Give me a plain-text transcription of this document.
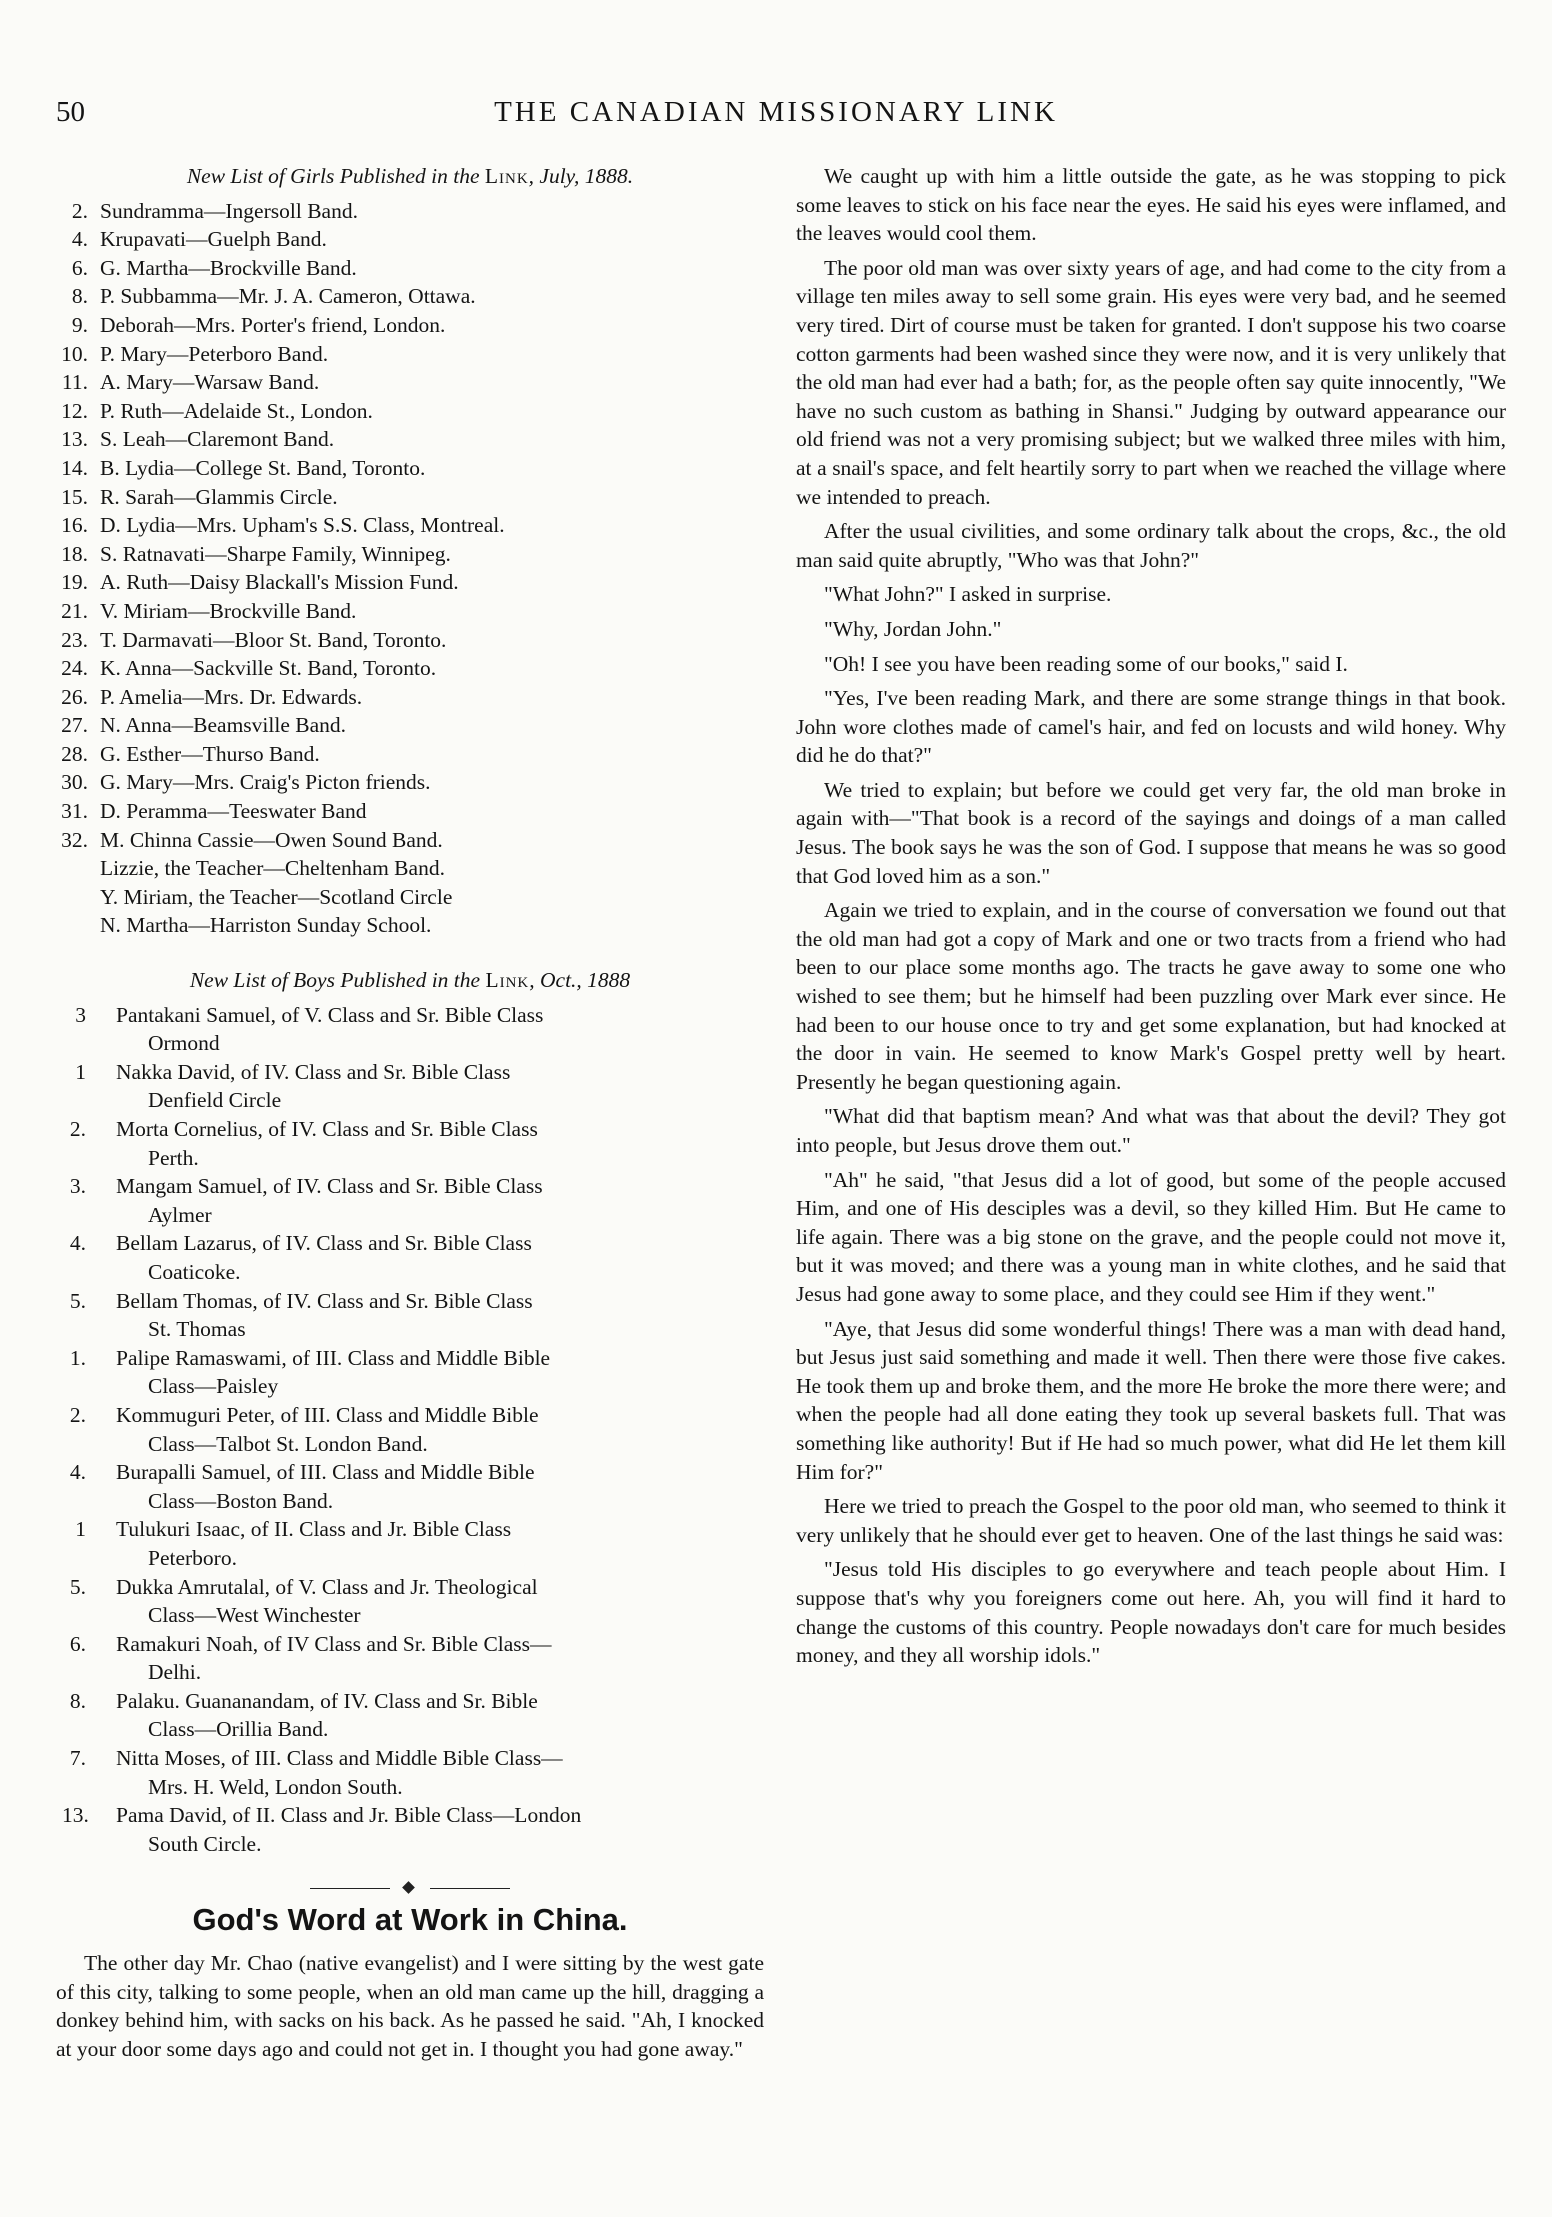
50	THE CANADIAN MISSIONARY LINK
New List of Girls Published in the Link, July, 1888.
2. Sundramma—Ingersoll Band.
4. Krupavati—Guelph Band.
6. G. Martha—Brockville Band.
8. P. Subbamma—Mr. J. A. Cameron, Ottawa.
9. Deborah—Mrs. Porter's friend, London.
10. P. Mary—Peterboro Band.
11. A. Mary—Warsaw Band.
12. P. Ruth—Adelaide St., London.
13. S. Leah—Claremont Band.
14. B. Lydia—College St. Band, Toronto.
15. R. Sarah—Glammis Circle.
16. D. Lydia—Mrs. Upham's S.S. Class, Montreal.
18. S. Ratnavati—Sharpe Family, Winnipeg.
19. A. Ruth—Daisy Blackall's Mission Fund.
21. V. Miriam—Brockville Band.
23. T. Darmavati—Bloor St. Band, Toronto.
24. K. Anna—Sackville St. Band, Toronto.
26. P. Amelia—Mrs. Dr. Edwards.
27. N. Anna—Beamsville Band.
28. G. Esther—Thurso Band.
30. G. Mary—Mrs. Craig's Picton friends.
31. D. Peramma—Teeswater Band
32. M. Chinna Cassie—Owen Sound Band.
Lizzie, the Teacher—Cheltenham Band.
Y. Miriam, the Teacher—Scotland Circle
N. Martha—Harriston Sunday School.
New List of Boys Published in the Link, Oct., 1888
3 Pantakani Samuel, of V. Class and Sr. Bible Class
Ormond
1 Nakka David, of IV. Class and Sr. Bible Class
Denfield Circle
2. Morta Cornelius, of IV. Class and Sr. Bible Class
Perth.
3. Mangam Samuel, of IV. Class and Sr. Bible Class
Aylmer
4. Bellam Lazarus, of IV. Class and Sr. Bible Class
Coaticoke.
5. Bellam Thomas, of IV. Class and Sr. Bible Class
St. Thomas
1. Palipe Ramaswami, of III. Class and Middle Bible
Class—Paisley
2. Kommuguri Peter, of III. Class and Middle Bible
Class—Talbot St. London Band.
4. Burapalli Samuel, of III. Class and Middle Bible
Class—Boston Band.
1 Tulukuri Isaac, of II. Class and Jr. Bible Class
Peterboro.
5. Dukka Amrutalal, of V. Class and Jr. Theological
Class—West Winchester
6. Ramakuri Noah, of IV Class and Sr. Bible Class—
Delhi.
8. Palaku. Guananandam, of IV. Class and Sr. Bible
Class—Orillia Band.
7. Nitta Moses, of III. Class and Middle Bible Class—
Mrs. H. Weld, London South.
13. Pama David, of II. Class and Jr. Bible Class—London
South Circle.
God's Word at Work in China.

The other day Mr. Chao (native evangelist) and I were sitting by the west gate of this city, talking to some people, when an old man came up the hill, dragging a donkey behind him, with sacks on his back. As he passed he said. "Ah, I knocked at your door some days ago and could not get in. I thought you had gone away."

We caught up with him a little outside the gate, as he was stopping to pick some leaves to stick on his face near the eyes. He said his eyes were inflamed, and the leaves would cool them.

The poor old man was over sixty years of age, and had come to the city from a village ten miles away to sell some grain. His eyes were very bad, and he seemed very tired. Dirt of course must be taken for granted. I don't suppose his two coarse cotton garments had been washed since they were now, and it is very unlikely that the old man had ever had a bath; for, as the people often say quite innocently, "We have no such custom as bathing in Shansi." Judging by outward appearance our old friend was not a very promising subject; but we walked three miles with him, at a snail's space, and felt heartily sorry to part when we reached the village where we intended to preach.

After the usual civilities, and some ordinary talk about the crops, &c., the old man said quite abruptly, "Who was that John?"

"What John?" I asked in surprise.

"Why, Jordan John."

"Oh! I see you have been reading some of our books," said I.

"Yes, I've been reading Mark, and there are some strange things in that book. John wore clothes made of camel's hair, and fed on locusts and wild honey. Why did he do that?"

We tried to explain; but before we could get very far, the old man broke in again with—"That book is a record of the sayings and doings of a man called Jesus. The book says he was the son of God. I suppose that means he was so good that God loved him as a son."

Again we tried to explain, and in the course of conversation we found out that the old man had got a copy of Mark and one or two tracts from a friend who had been to our place some months ago. The tracts he gave away to some one who wished to see them; but he himself had been puzzling over Mark ever since. He had been to our house once to try and get some explanation, but had knocked at the door in vain. He seemed to know Mark's Gospel pretty well by heart. Presently he began questioning again.

"What did that baptism mean? And what was that about the devil? They got into people, but Jesus drove them out."

"Ah" he said, "that Jesus did a lot of good, but some of the people accused Him, and one of His desciples was a devil, so they killed Him. But He came to life again. There was a big stone on the grave, and the people could not move it, but it was moved; and there was a young man in white clothes, and he said that Jesus had gone away to some place, and they could see Him if they went."

"Aye, that Jesus did some wonderful things! There was a man with dead hand, but Jesus just said something and made it well. Then there were those five cakes. He took them up and broke them, and the more He broke the more there were; and when the people had all done eating they took up several baskets full. That was something like authority! But if He had so much power, what did He let them kill Him for?"

Here we tried to preach the Gospel to the poor old man, who seemed to think it very unlikely that he should ever get to heaven. One of the last things he said was:

"Jesus told His disciples to go everywhere and teach people about Him. I suppose that's why you foreigners come out here. Ah, you will find it hard to change the customs of this country. People nowadays don't care for much besides money, and they all worship idols."
